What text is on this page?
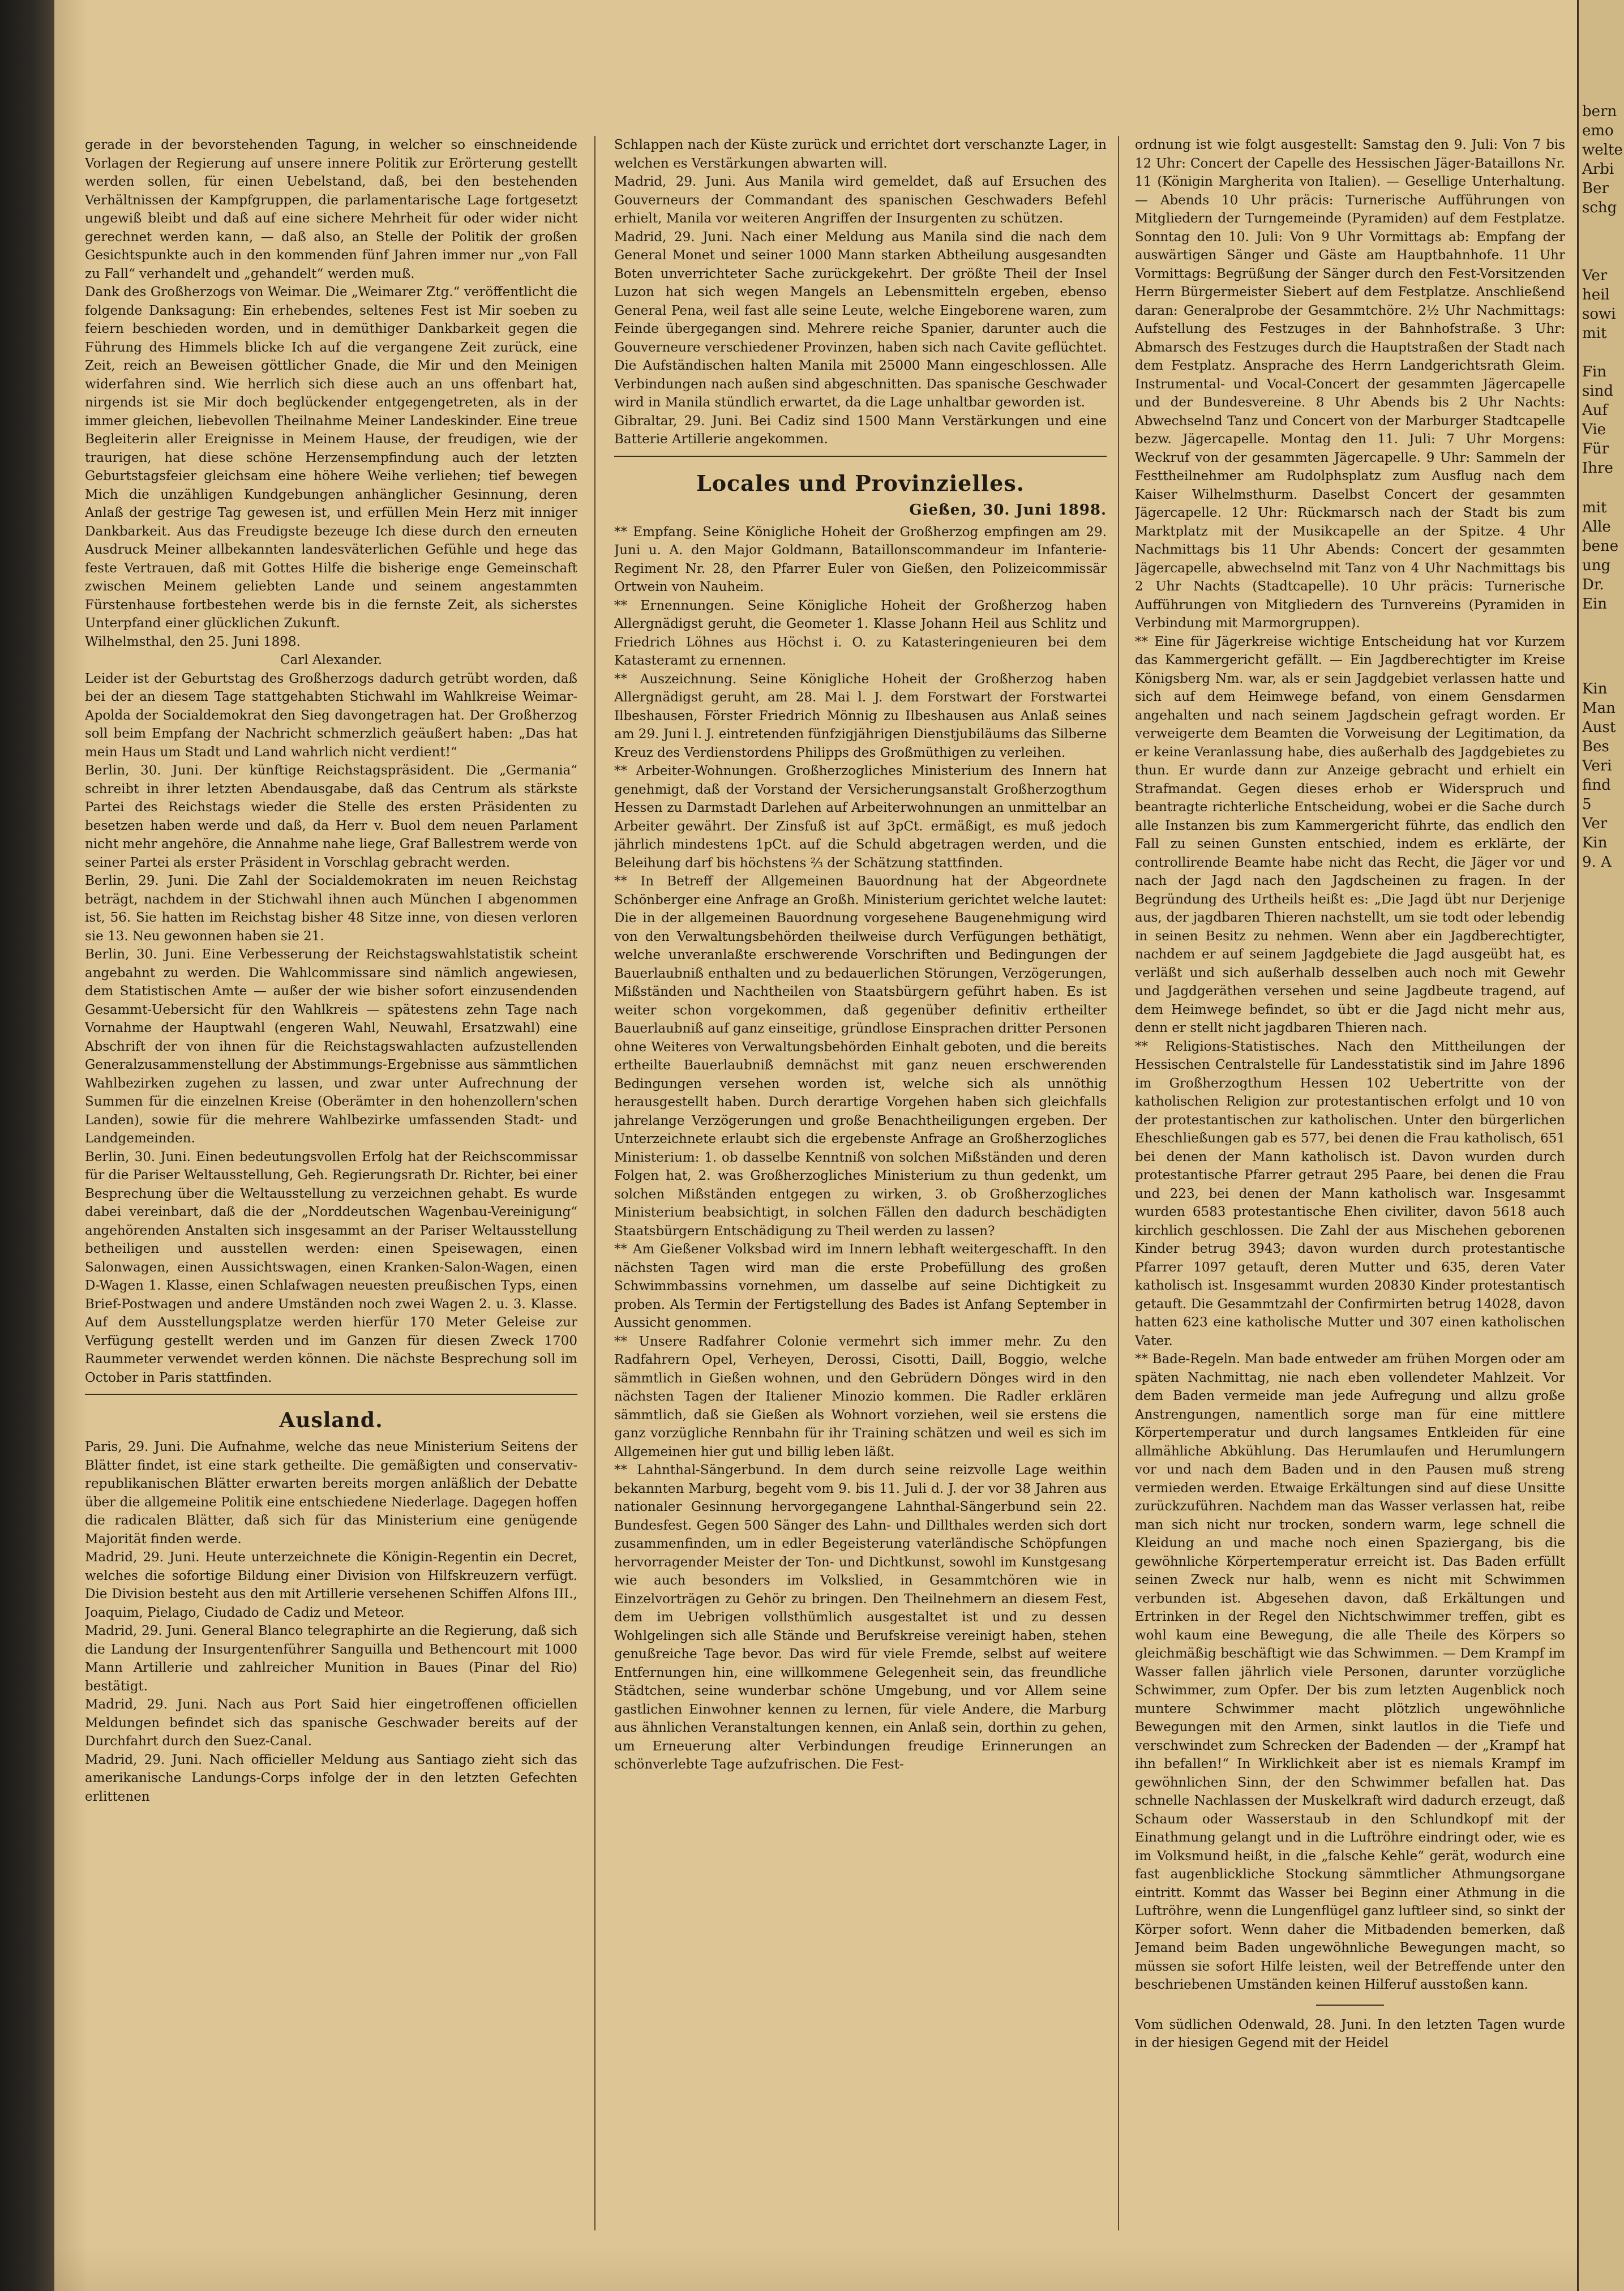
gerade in der bevorstehenden Tagung, in welcher so einschneidende Vorlagen der Regierung auf unsere innere Politik zur Erörterung gestellt werden sollen, für einen Uebelstand, daß, bei den bestehenden Verhältnissen der Kampfgruppen, die parlamentarische Lage fortgesetzt ungewiß bleibt und daß auf eine sichere Mehrheit für oder wider nicht gerechnet werden kann, — daß also, an Stelle der Politik der großen Gesichtspunkte auch in den kommenden fünf Jahren immer nur „von Fall zu Fall“ verhandelt und „gehandelt“ werden muß.

Dank des Großherzogs von Weimar. Die „Weimarer Ztg.“ veröffentlicht die folgende Danksagung: Ein erhebendes, seltenes Fest ist Mir soeben zu feiern beschieden worden, und in demüthiger Dankbarkeit gegen die Führung des Himmels blicke Ich auf die vergangene Zeit zurück, eine Zeit, reich an Beweisen göttlicher Gnade, die Mir und den Meinigen widerfahren sind. Wie herrlich sich diese auch an uns offenbart hat, nirgends ist sie Mir doch beglückender entgegengetreten, als in der immer gleichen, liebevollen Theilnahme Meiner Landeskinder. Eine treue Begleiterin aller Ereignisse in Meinem Hause, der freudigen, wie der traurigen, hat diese schöne Herzensempfindung auch der letzten Geburtstagsfeier gleichsam eine höhere Weihe verliehen; tief bewegen Mich die unzähligen Kundgebungen anhänglicher Gesinnung, deren Anlaß der gestrige Tag gewesen ist, und erfüllen Mein Herz mit inniger Dankbarkeit. Aus das Freudigste bezeuge Ich diese durch den erneuten Ausdruck Meiner allbekannten landesväterlichen Gefühle und hege das feste Vertrauen, daß mit Gottes Hilfe die bisherige enge Gemeinschaft zwischen Meinem geliebten Lande und seinem angestammten Fürstenhause fortbestehen werde bis in die fernste Zeit, als sicherstes Unterpfand einer glücklichen Zukunft.

Wilhelmsthal, den 25. Juni 1898.

Carl Alexander.

Leider ist der Geburtstag des Großherzogs dadurch getrübt worden, daß bei der an diesem Tage stattgehabten Stichwahl im Wahlkreise Weimar-Apolda der Socialdemokrat den Sieg davongetragen hat. Der Großherzog soll beim Empfang der Nachricht schmerzlich geäußert haben: „Das hat mein Haus um Stadt und Land wahrlich nicht verdient!“

Berlin, 30. Juni. Der künftige Reichstagspräsident. Die „Germania“ schreibt in ihrer letzten Abendausgabe, daß das Centrum als stärkste Partei des Reichstags wieder die Stelle des ersten Präsidenten zu besetzen haben werde und daß, da Herr v. Buol dem neuen Parlament nicht mehr angehöre, die Annahme nahe liege, Graf Ballestrem werde von seiner Partei als erster Präsident in Vorschlag gebracht werden.

Berlin, 29. Juni. Die Zahl der Socialdemokraten im neuen Reichstag beträgt, nachdem in der Stichwahl ihnen auch München I abgenommen ist, 56. Sie hatten im Reichstag bisher 48 Sitze inne, von diesen verloren sie 13. Neu gewonnen haben sie 21.

Berlin, 30. Juni. Eine Verbesserung der Reichstagswahlstatistik scheint angebahnt zu werden. Die Wahlcommissare sind nämlich angewiesen, dem Statistischen Amte — außer der wie bisher sofort einzusendenden Gesammt-Uebersicht für den Wahlkreis — spätestens zehn Tage nach Vornahme der Hauptwahl (engeren Wahl, Neuwahl, Ersatzwahl) eine Abschrift der von ihnen für die Reichstagswahlacten aufzustellenden Generalzusammenstellung der Abstimmungs-Ergebnisse aus sämmtlichen Wahlbezirken zugehen zu lassen, und zwar unter Aufrechnung der Summen für die einzelnen Kreise (Oberämter in den hohenzollern'schen Landen), sowie für die mehrere Wahlbezirke umfassenden Stadt- und Landgemeinden.

Berlin, 30. Juni. Einen bedeutungsvollen Erfolg hat der Reichscommissar für die Pariser Weltausstellung, Geh. Regierungsrath Dr. Richter, bei einer Besprechung über die Weltausstellung zu verzeichnen gehabt. Es wurde dabei vereinbart, daß die der „Norddeutschen Wagenbau-Vereinigung“ angehörenden Anstalten sich insgesammt an der Pariser Weltausstellung betheiligen und ausstellen werden: einen Speisewagen, einen Salonwagen, einen Aussichtswagen, einen Kranken-Salon-Wagen, einen D-Wagen 1. Klasse, einen Schlafwagen neuesten preußischen Typs, einen Brief-Postwagen und andere Umständen noch zwei Wagen 2. u. 3. Klasse. Auf dem Ausstellungsplatze werden hierfür 170 Meter Geleise zur Verfügung gestellt werden und im Ganzen für diesen Zweck 1700 Raummeter verwendet werden können. Die nächste Besprechung soll im October in Paris stattfinden.

Ausland.

Paris, 29. Juni. Die Aufnahme, welche das neue Ministerium Seitens der Blätter findet, ist eine stark getheilte. Die gemäßigten und conservativ-republikanischen Blätter erwarten bereits morgen anläßlich der Debatte über die allgemeine Politik eine entschiedene Niederlage. Dagegen hoffen die radicalen Blätter, daß sich für das Ministerium eine genügende Majorität finden werde.

Madrid, 29. Juni. Heute unterzeichnete die Königin-Regentin ein Decret, welches die sofortige Bildung einer Division von Hilfskreuzern verfügt. Die Division besteht aus den mit Artillerie versehenen Schiffen Alfons III., Joaquim, Pielago, Ciudado de Cadiz und Meteor.

Madrid, 29. Juni. General Blanco telegraphirte an die Regierung, daß sich die Landung der Insurgentenführer Sanguilla und Bethencourt mit 1000 Mann Artillerie und zahlreicher Munition in Baues (Pinar del Rio) bestätigt.

Madrid, 29. Juni. Nach aus Port Said hier eingetroffenen officiellen Meldungen befindet sich das spanische Geschwader bereits auf der Durchfahrt durch den Suez-Canal.

Madrid, 29. Juni. Nach officieller Meldung aus Santiago zieht sich das amerikanische Landungs-Corps infolge der in den letzten Gefechten erlittenen

Schlappen nach der Küste zurück und errichtet dort verschanzte Lager, in welchen es Verstärkungen abwarten will.

Madrid, 29. Juni. Aus Manila wird gemeldet, daß auf Ersuchen des Gouverneurs der Commandant des spanischen Geschwaders Befehl erhielt, Manila vor weiteren Angriffen der Insurgenten zu schützen.

Madrid, 29. Juni. Nach einer Meldung aus Manila sind die nach dem General Monet und seiner 1000 Mann starken Abtheilung ausgesandten Boten unverrichteter Sache zurückgekehrt. Der größte Theil der Insel Luzon hat sich wegen Mangels an Lebensmitteln ergeben, ebenso General Pena, weil fast alle seine Leute, welche Eingeborene waren, zum Feinde übergegangen sind. Mehrere reiche Spanier, darunter auch die Gouverneure verschiedener Provinzen, haben sich nach Cavite geflüchtet. Die Aufständischen halten Manila mit 25000 Mann eingeschlossen. Alle Verbindungen nach außen sind abgeschnitten. Das spanische Geschwader wird in Manila stündlich erwartet, da die Lage unhaltbar geworden ist.

Gibraltar, 29. Juni. Bei Cadiz sind 1500 Mann Verstärkungen und eine Batterie Artillerie angekommen.

Locales und Provinzielles.
Gießen, 30. Juni 1898.

** Empfang. Seine Königliche Hoheit der Großherzog empfingen am 29. Juni u. A. den Major Goldmann, Bataillonscommandeur im Infanterie-Regiment Nr. 28, den Pfarrer Euler von Gießen, den Polizeicommissär Ortwein von Nauheim.

** Ernennungen. Seine Königliche Hoheit der Großherzog haben Allergnädigst geruht, die Geometer 1. Klasse Johann Heil aus Schlitz und Friedrich Löhnes aus Höchst i. O. zu Katasteringenieuren bei dem Katasteramt zu ernennen.

** Auszeichnung. Seine Königliche Hoheit der Großherzog haben Allergnädigst geruht, am 28. Mai l. J. dem Forstwart der Forstwartei Ilbeshausen, Förster Friedrich Mönnig zu Ilbeshausen aus Anlaß seines am 29. Juni l. J. eintretenden fünfzigjährigen Dienstjubiläums das Silberne Kreuz des Verdienstordens Philipps des Großmüthigen zu verleihen.

** Arbeiter-Wohnungen. Großherzogliches Ministerium des Innern hat genehmigt, daß der Vorstand der Versicherungsanstalt Großherzogthum Hessen zu Darmstadt Darlehen auf Arbeiterwohnungen an unmittelbar an Arbeiter gewährt. Der Zinsfuß ist auf 3pCt. ermäßigt, es muß jedoch jährlich mindestens 1pCt. auf die Schuld abgetragen werden, und die Beleihung darf bis höchstens ⅔ der Schätzung stattfinden.

** In Betreff der Allgemeinen Bauordnung hat der Abgeordnete Schönberger eine Anfrage an Großh. Ministerium gerichtet welche lautet: Die in der allgemeinen Bauordnung vorgesehene Baugenehmigung wird von den Verwaltungsbehörden theilweise durch Verfügungen bethätigt, welche unveranlaßte erschwerende Vorschriften und Bedingungen der Bauerlaubniß enthalten und zu bedauerlichen Störungen, Verzögerungen, Mißständen und Nachtheilen von Staatsbürgern geführt haben. Es ist weiter schon vorgekommen, daß gegenüber definitiv ertheilter Bauerlaubniß auf ganz einseitige, gründlose Einsprachen dritter Personen ohne Weiteres von Verwaltungsbehörden Einhalt geboten, und die bereits ertheilte Bauerlaubniß demnächst mit ganz neuen erschwerenden Bedingungen versehen worden ist, welche sich als unnöthig herausgestellt haben. Durch derartige Vorgehen haben sich gleichfalls jahrelange Verzögerungen und große Benachtheiligungen ergeben. Der Unterzeichnete erlaubt sich die ergebenste Anfrage an Großherzogliches Ministerium: 1. ob dasselbe Kenntniß von solchen Mißständen und deren Folgen hat, 2. was Großherzogliches Ministerium zu thun gedenkt, um solchen Mißständen entgegen zu wirken, 3. ob Großherzogliches Ministerium beabsichtigt, in solchen Fällen den dadurch beschädigten Staatsbürgern Entschädigung zu Theil werden zu lassen?

** Am Gießener Volksbad wird im Innern lebhaft weitergeschafft. In den nächsten Tagen wird man die erste Probefüllung des großen Schwimmbassins vornehmen, um dasselbe auf seine Dichtigkeit zu proben. Als Termin der Fertigstellung des Bades ist Anfang September in Aussicht genommen.

** Unsere Radfahrer Colonie vermehrt sich immer mehr. Zu den Radfahrern Opel, Verheyen, Derossi, Cisotti, Daill, Boggio, welche sämmtlich in Gießen wohnen, und den Gebrüdern Dönges wird in den nächsten Tagen der Italiener Minozio kommen. Die Radler erklären sämmtlich, daß sie Gießen als Wohnort vorziehen, weil sie erstens die ganz vorzügliche Rennbahn für ihr Training schätzen und weil es sich im Allgemeinen hier gut und billig leben läßt.

** Lahnthal-Sängerbund. In dem durch seine reizvolle Lage weithin bekannten Marburg, begeht vom 9. bis 11. Juli d. J. der vor 38 Jahren aus nationaler Gesinnung hervorgegangene Lahnthal-Sängerbund sein 22. Bundesfest. Gegen 500 Sänger des Lahn- und Dillthales werden sich dort zusammenfinden, um in edler Begeisterung vaterländische Schöpfungen hervorragender Meister der Ton- und Dichtkunst, sowohl im Kunstgesang wie auch besonders im Volkslied, in Gesammtchören wie in Einzelvorträgen zu Gehör zu bringen. Den Theilnehmern an diesem Fest, dem im Uebrigen vollsthümlich ausgestaltet ist und zu dessen Wohlgelingen sich alle Stände und Berufskreise vereinigt haben, stehen genußreiche Tage bevor. Das wird für viele Fremde, selbst auf weitere Entfernungen hin, eine willkommene Gelegenheit sein, das freundliche Städtchen, seine wunderbar schöne Umgebung, und vor Allem seine gastlichen Einwohner kennen zu lernen, für viele Andere, die Marburg aus ähnlichen Veranstaltungen kennen, ein Anlaß sein, dorthin zu gehen, um Erneuerung alter Verbindungen freudige Erinnerungen an schönverlebte Tage aufzufrischen. Die Fest-

ordnung ist wie folgt ausgestellt: Samstag den 9. Juli: Von 7 bis 12 Uhr: Concert der Capelle des Hessischen Jäger-Bataillons Nr. 11 (Königin Margherita von Italien). — Gesellige Unterhaltung. — Abends 10 Uhr präcis: Turnerische Aufführungen von Mitgliedern der Turngemeinde (Pyramiden) auf dem Festplatze. Sonntag den 10. Juli: Von 9 Uhr Vormittags ab: Empfang der auswärtigen Sänger und Gäste am Hauptbahnhofe. 11 Uhr Vormittags: Begrüßung der Sänger durch den Fest-Vorsitzenden Herrn Bürgermeister Siebert auf dem Festplatze. Anschließend daran: Generalprobe der Gesammtchöre. 2½ Uhr Nachmittags: Aufstellung des Festzuges in der Bahnhofstraße. 3 Uhr: Abmarsch des Festzuges durch die Hauptstraßen der Stadt nach dem Festplatz. Ansprache des Herrn Landgerichtsrath Gleim. Instrumental- und Vocal-Concert der gesammten Jägercapelle und der Bundesvereine. 8 Uhr Abends bis 2 Uhr Nachts: Abwechselnd Tanz und Concert von der Marburger Stadtcapelle bezw. Jägercapelle. Montag den 11. Juli: 7 Uhr Morgens: Weckruf von der gesammten Jägercapelle. 9 Uhr: Sammeln der Festtheilnehmer am Rudolphsplatz zum Ausflug nach dem Kaiser Wilhelmsthurm. Daselbst Concert der gesammten Jägercapelle. 12 Uhr: Rückmarsch nach der Stadt bis zum Marktplatz mit der Musikcapelle an der Spitze. 4 Uhr Nachmittags bis 11 Uhr Abends: Concert der gesammten Jägercapelle, abwechselnd mit Tanz von 4 Uhr Nachmittags bis 2 Uhr Nachts (Stadtcapelle). 10 Uhr präcis: Turnerische Aufführungen von Mitgliedern des Turnvereins (Pyramiden in Verbindung mit Marmorgruppen).

** Eine für Jägerkreise wichtige Entscheidung hat vor Kurzem das Kammergericht gefällt. — Ein Jagdberechtigter im Kreise Königsberg Nm. war, als er sein Jagdgebiet verlassen hatte und sich auf dem Heimwege befand, von einem Gensdarmen angehalten und nach seinem Jagdschein gefragt worden. Er verweigerte dem Beamten die Vorweisung der Legitimation, da er keine Veranlassung habe, dies außerhalb des Jagdgebietes zu thun. Er wurde dann zur Anzeige gebracht und erhielt ein Strafmandat. Gegen dieses erhob er Widerspruch und beantragte richterliche Entscheidung, wobei er die Sache durch alle Instanzen bis zum Kammergericht führte, das endlich den Fall zu seinen Gunsten entschied, indem es erklärte, der controllirende Beamte habe nicht das Recht, die Jäger vor und nach der Jagd nach den Jagdscheinen zu fragen. In der Begründung des Urtheils heißt es: „Die Jagd übt nur Derjenige aus, der jagdbaren Thieren nachstellt, um sie todt oder lebendig in seinen Besitz zu nehmen. Wenn aber ein Jagdberechtigter, nachdem er auf seinem Jagdgebiete die Jagd ausgeübt hat, es verläßt und sich außerhalb desselben auch noch mit Gewehr und Jagdgeräthen versehen und seine Jagdbeute tragend, auf dem Heimwege befindet, so übt er die Jagd nicht mehr aus, denn er stellt nicht jagdbaren Thieren nach.

** Religions-Statistisches. Nach den Mittheilungen der Hessischen Centralstelle für Landesstatistik sind im Jahre 1896 im Großherzogthum Hessen 102 Uebertritte von der katholischen Religion zur protestantischen erfolgt und 10 von der protestantischen zur katholischen. Unter den bürgerlichen Eheschließungen gab es 577, bei denen die Frau katholisch, 651 bei denen der Mann katholisch ist. Davon wurden durch protestantische Pfarrer getraut 295 Paare, bei denen die Frau und 223, bei denen der Mann katholisch war. Insgesammt wurden 6583 protestantische Ehen civiliter, davon 5618 auch kirchlich geschlossen. Die Zahl der aus Mischehen geborenen Kinder betrug 3943; davon wurden durch protestantische Pfarrer 1097 getauft, deren Mutter und 635, deren Vater katholisch ist. Insgesammt wurden 20830 Kinder protestantisch getauft. Die Gesammtzahl der Confirmirten betrug 14028, davon hatten 623 eine katholische Mutter und 307 einen katholischen Vater.

** Bade-Regeln. Man bade entweder am frühen Morgen oder am späten Nachmittag, nie nach eben vollendeter Mahlzeit. Vor dem Baden vermeide man jede Aufregung und allzu große Anstrengungen, namentlich sorge man für eine mittlere Körpertemperatur und durch langsames Entkleiden für eine allmähliche Abkühlung. Das Herumlaufen und Herumlungern vor und nach dem Baden und in den Pausen muß streng vermieden werden. Etwaige Erkältungen sind auf diese Unsitte zurückzuführen. Nachdem man das Wasser verlassen hat, reibe man sich nicht nur trocken, sondern warm, lege schnell die Kleidung an und mache noch einen Spaziergang, bis die gewöhnliche Körpertemperatur erreicht ist. Das Baden erfüllt seinen Zweck nur halb, wenn es nicht mit Schwimmen verbunden ist. Abgesehen davon, daß Erkältungen und Ertrinken in der Regel den Nichtschwimmer treffen, gibt es wohl kaum eine Bewegung, die alle Theile des Körpers so gleichmäßig beschäftigt wie das Schwimmen. — Dem Krampf im Wasser fallen jährlich viele Personen, darunter vorzügliche Schwimmer, zum Opfer. Der bis zum letzten Augenblick noch muntere Schwimmer macht plötzlich ungewöhnliche Bewegungen mit den Armen, sinkt lautlos in die Tiefe und verschwindet zum Schrecken der Badenden — der „Krampf hat ihn befallen!“ In Wirklichkeit aber ist es niemals Krampf im gewöhnlichen Sinn, der den Schwimmer befallen hat. Das schnelle Nachlassen der Muskelkraft wird dadurch erzeugt, daß Schaum oder Wasserstaub in den Schlundkopf mit der Einathmung gelangt und in die Luftröhre eindringt oder, wie es im Volksmund heißt, in die „falsche Kehle“ gerät, wodurch eine fast augenblickliche Stockung sämmtlicher Athmungsorgane eintritt. Kommt das Wasser bei Beginn einer Athmung in die Luftröhre, wenn die Lungenflügel ganz luftleer sind, so sinkt der Körper sofort. Wenn daher die Mitbadenden bemerken, daß Jemand beim Baden ungewöhnliche Bewegungen macht, so müssen sie sofort Hilfe leisten, weil der Betreffende unter den beschriebenen Umständen keinen Hilferuf ausstoßen kann.

Vom südlichen Odenwald, 28. Juni. In den letzten Tagen wurde in der hiesigen Gegend mit der Heidel

bern
emo
welte
Arbi
Ber
schg
Ver
heil
sowi
mit
Fin
sind
Auf
Vie
Für
Ihre
mit
Alle
bene
ung
Dr.
Ein
Kin
Man
Aust
Bes
Veri
find
5
Ver
Kin
9. A
